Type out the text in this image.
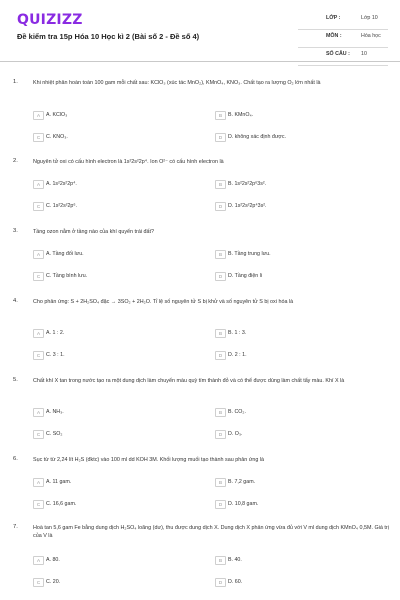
QUIZIZZ
Đề kiểm tra 15p Hóa 10 Học kì 2 (Bài số 2 - Đề số 4)
LỚP :	Lớp 10
MÔN :	Hóa học
SỐ CÂU : 10
1.	Khi nhiệt phân hoàn toàn 100 gam mỗi chất sau: KClO₃ (xúc tác MnO₂), KMnO₄, KNO₃. Chất tạo ra lượng O₂ lớn nhất là
A	A. KClO₃	B	B. KMnO₄.
C	C. KNO₃.	D	D. không xác định được.
2.	Nguyên tử oxi có cấu hình electron là 1s²2s²2p⁴. Ion O²⁻ có cấu hình electron là
A	A. 1s²2s²2p⁴.	B	B. 1s²2s²2p⁶3s².
C	C. 1s²2s²2p⁶.	D	D. 1s²2s²2p⁴3s².
3.	Tầng ozon nằm ở tầng nào của khí quyển trái đất?
A	A. Tầng đối lưu.	B	B. Tầng trung lưu.
C	C. Tầng bình lưu.	D	D. Tầng điện li
4.	Cho phản ứng: S + 2H₂SO₄ đặc → 3SO₂ + 2H₂O. Tỉ lệ số nguyên tử S bị khử và số nguyên tử S bị oxi hóa là
A	A. 1 : 2.	B	B. 1 : 3.
C	C. 3 : 1.	D	D. 2 : 1.
5.	Chất khí X tan trong nước tạo ra một dung dịch làm chuyển màu quỳ tím thành đỏ và có thể được dùng làm chất tẩy màu. Khí X là
A	A. NH₃.	B	B. CO₂.
C	C. SO₂	D	D. O₃.
6.	Sục từ từ 2,24 lít H₂S (đktc) vào 100 ml dd KOH 3M. Khối lượng muối tạo thành sau phản ứng là
A	A. 11 gam.	B	B. 7,2 gam.
C	C. 16,6 gam.	D	D. 10,8 gam.
7.	Hoà tan 5,6 gam Fe bằng dung dịch H₂SO₄ loãng (dư), thu được dung dịch X. Dung dịch X phản ứng vừa đủ với V ml dung dịch KMnO₄ 0,5M. Giá trị của V là
A	A. 80.	B	B. 40.
C	C. 20.	D	D. 60.
